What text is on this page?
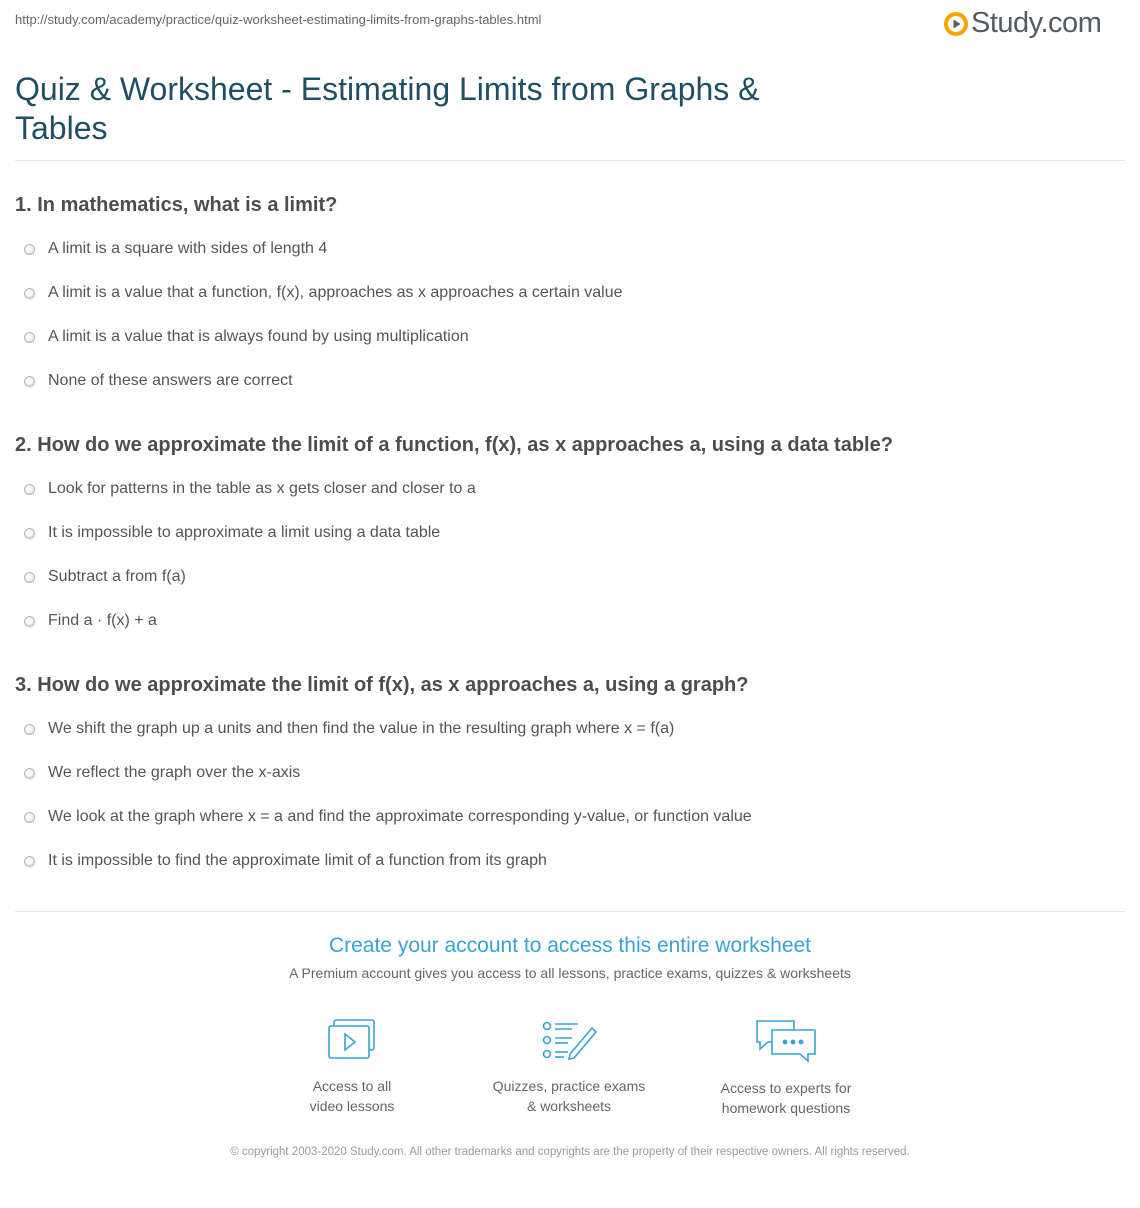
http://study.com/academy/practice/quiz-worksheet-estimating-limits-from-graphs-tables.html	Study.com
Quiz & Worksheet - Estimating Limits from Graphs & Tables
1. In mathematics, what is a limit?
A limit is a square with sides of length 4
A limit is a value that a function, f(x), approaches as x approaches a certain value
A limit is a value that is always found by using multiplication
None of these answers are correct
2. How do we approximate the limit of a function, f(x), as x approaches a, using a data table?
Look for patterns in the table as x gets closer and closer to a
It is impossible to approximate a limit using a data table
Subtract a from f(a)
Find a · f(x) + a
3. How do we approximate the limit of f(x), as x approaches a, using a graph?
We shift the graph up a units and then find the value in the resulting graph where x = f(a)
We reflect the graph over the x-axis
We look at the graph where x = a and find the approximate corresponding y-value, or function value
It is impossible to find the approximate limit of a function from its graph
Create your account to access this entire worksheet
A Premium account gives you access to all lessons, practice exams, quizzes & worksheets
Access to all
video lessons
Quizzes, practice exams
& worksheets
Access to experts for
homework questions
© copyright 2003-2020 Study.com. All other trademarks and copyrights are the property of their respective owners. All rights reserved.
